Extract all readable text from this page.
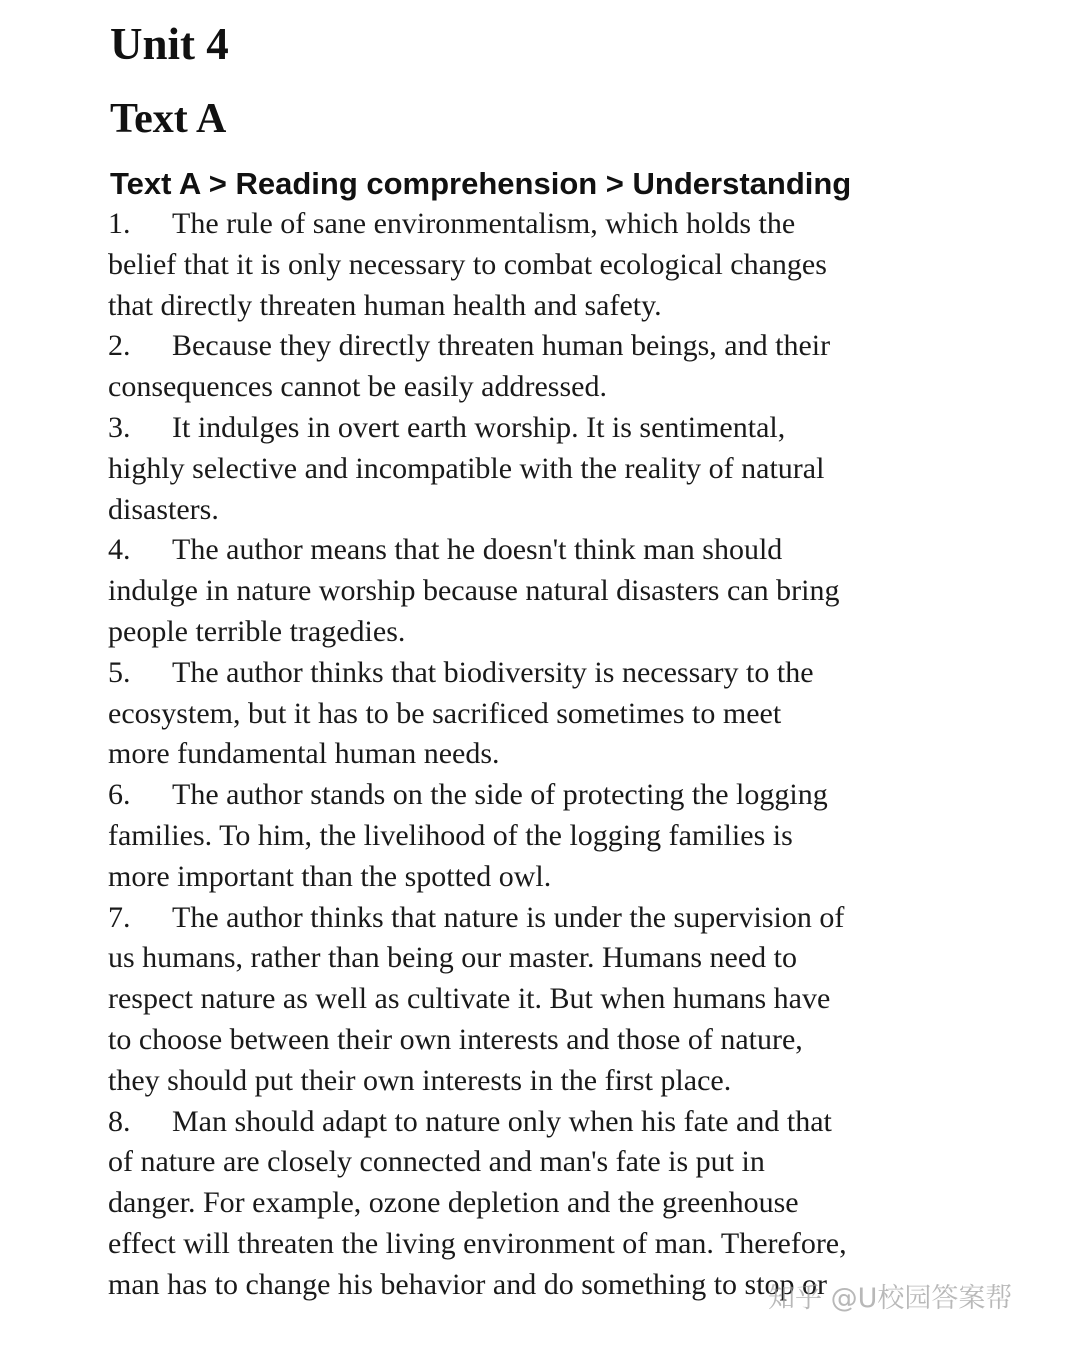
Unit 4
Text A
Text A > Reading comprehension > Understanding
1. The rule of sane environmentalism, which holds the
belief that it is only necessary to combat ecological changes
that directly threaten human health and safety.
2. Because they directly threaten human beings, and their
consequences cannot be easily addressed.
3. It indulges in overt earth worship. It is sentimental,
highly selective and incompatible with the reality of natural
disasters.
4. The author means that he doesn't think man should
indulge in nature worship because natural disasters can bring
people terrible tragedies.
5. The author thinks that biodiversity is necessary to the
ecosystem, but it has to be sacrificed sometimes to meet
more fundamental human needs.
6. The author stands on the side of protecting the logging
families. To him, the livelihood of the logging families is
more important than the spotted owl.
7. The author thinks that nature is under the supervision of
us humans, rather than being our master. Humans need to
respect nature as well as cultivate it. But when humans have
to choose between their own interests and those of nature,
they should put their own interests in the first place.
8. Man should adapt to nature only when his fate and that
of nature are closely connected and man's fate is put in
danger. For example, ozone depletion and the greenhouse
effect will threaten the living environment of man. Therefore,
man has to change his behavior and do something to stop or
知乎 @U校园答案帮
